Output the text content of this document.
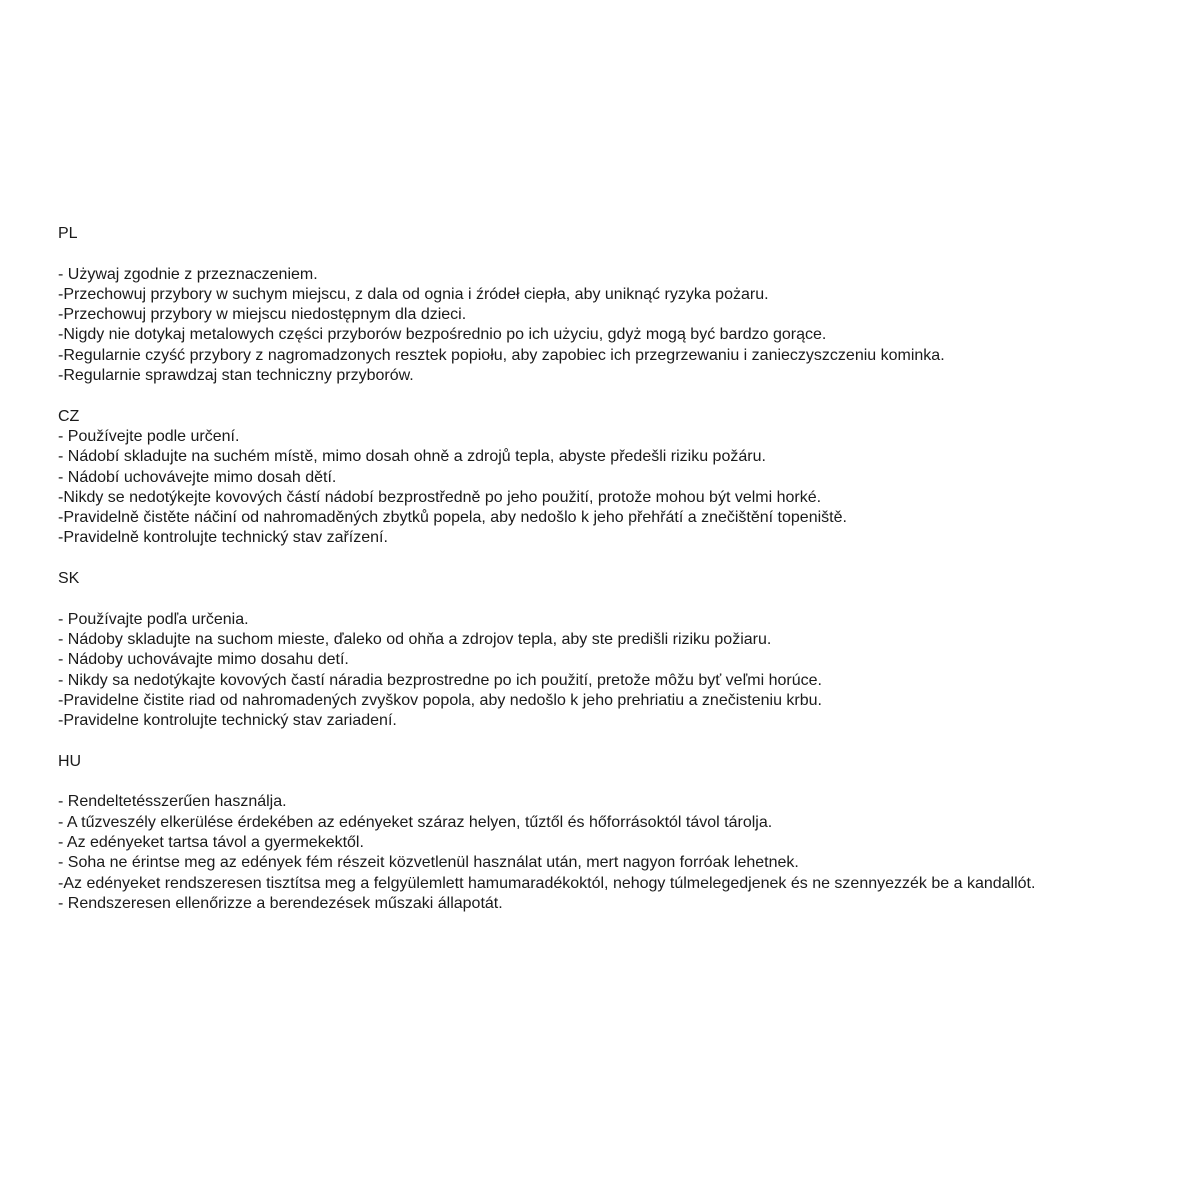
PL
- Używaj zgodnie z przeznaczeniem.
-Przechowuj przybory w suchym miejscu, z dala od ognia i źródeł ciepła, aby uniknąć ryzyka pożaru.
-Przechowuj przybory w miejscu niedostępnym dla dzieci.
-Nigdy nie dotykaj metalowych części przyborów bezpośrednio po ich użyciu, gdyż mogą być bardzo gorące.
-Regularnie czyść przybory z nagromadzonych resztek popiołu, aby zapobiec ich przegrzewaniu i zanieczyszczeniu kominka.
-Regularnie sprawdzaj stan techniczny przyborów.
CZ
- Používejte podle určení.
- Nádobí skladujte na suchém místě, mimo dosah ohně a zdrojů tepla, abyste předešli riziku požáru.
- Nádobí uchovávejte mimo dosah dětí.
-Nikdy se nedotýkejte kovových částí nádobí bezprostředně po jeho použití, protože mohou být velmi horké.
-Pravidelně čistěte náčiní od nahromaděných zbytků popela, aby nedošlo k jeho přehřátí a znečištění topeniště.
-Pravidelně kontrolujte technický stav zařízení.
SK
- Používajte podľa určenia.
- Nádoby skladujte na suchom mieste, ďaleko od ohňa a zdrojov tepla, aby ste predišli riziku požiaru.
- Nádoby uchovávajte mimo dosahu detí.
- Nikdy sa nedotýkajte kovových častí náradia bezprostredne po ich použití, pretože môžu byť veľmi horúce.
-Pravidelne čistite riad od nahromadených zvyškov popola, aby nedošlo k jeho prehriatiu a znečisteniu krbu.
-Pravidelne kontrolujte technický stav zariadení.
HU
- Rendeltetésszerűen használja.
- A tűzveszély elkerülése érdekében az edényeket száraz helyen, tűztől és hőforrásoktól távol tárolja.
- Az edényeket tartsa távol a gyermekektől.
- Soha ne érintse meg az edények fém részeit közvetlenül használat után, mert nagyon forróak lehetnek.
-Az edényeket rendszeresen tisztítsa meg a felgyülemlett hamumaradékoktól, nehogy túlmelegedjenek és ne szennyezzék be a kandallót.
- Rendszeresen ellenőrizze a berendezések műszaki állapotát.
